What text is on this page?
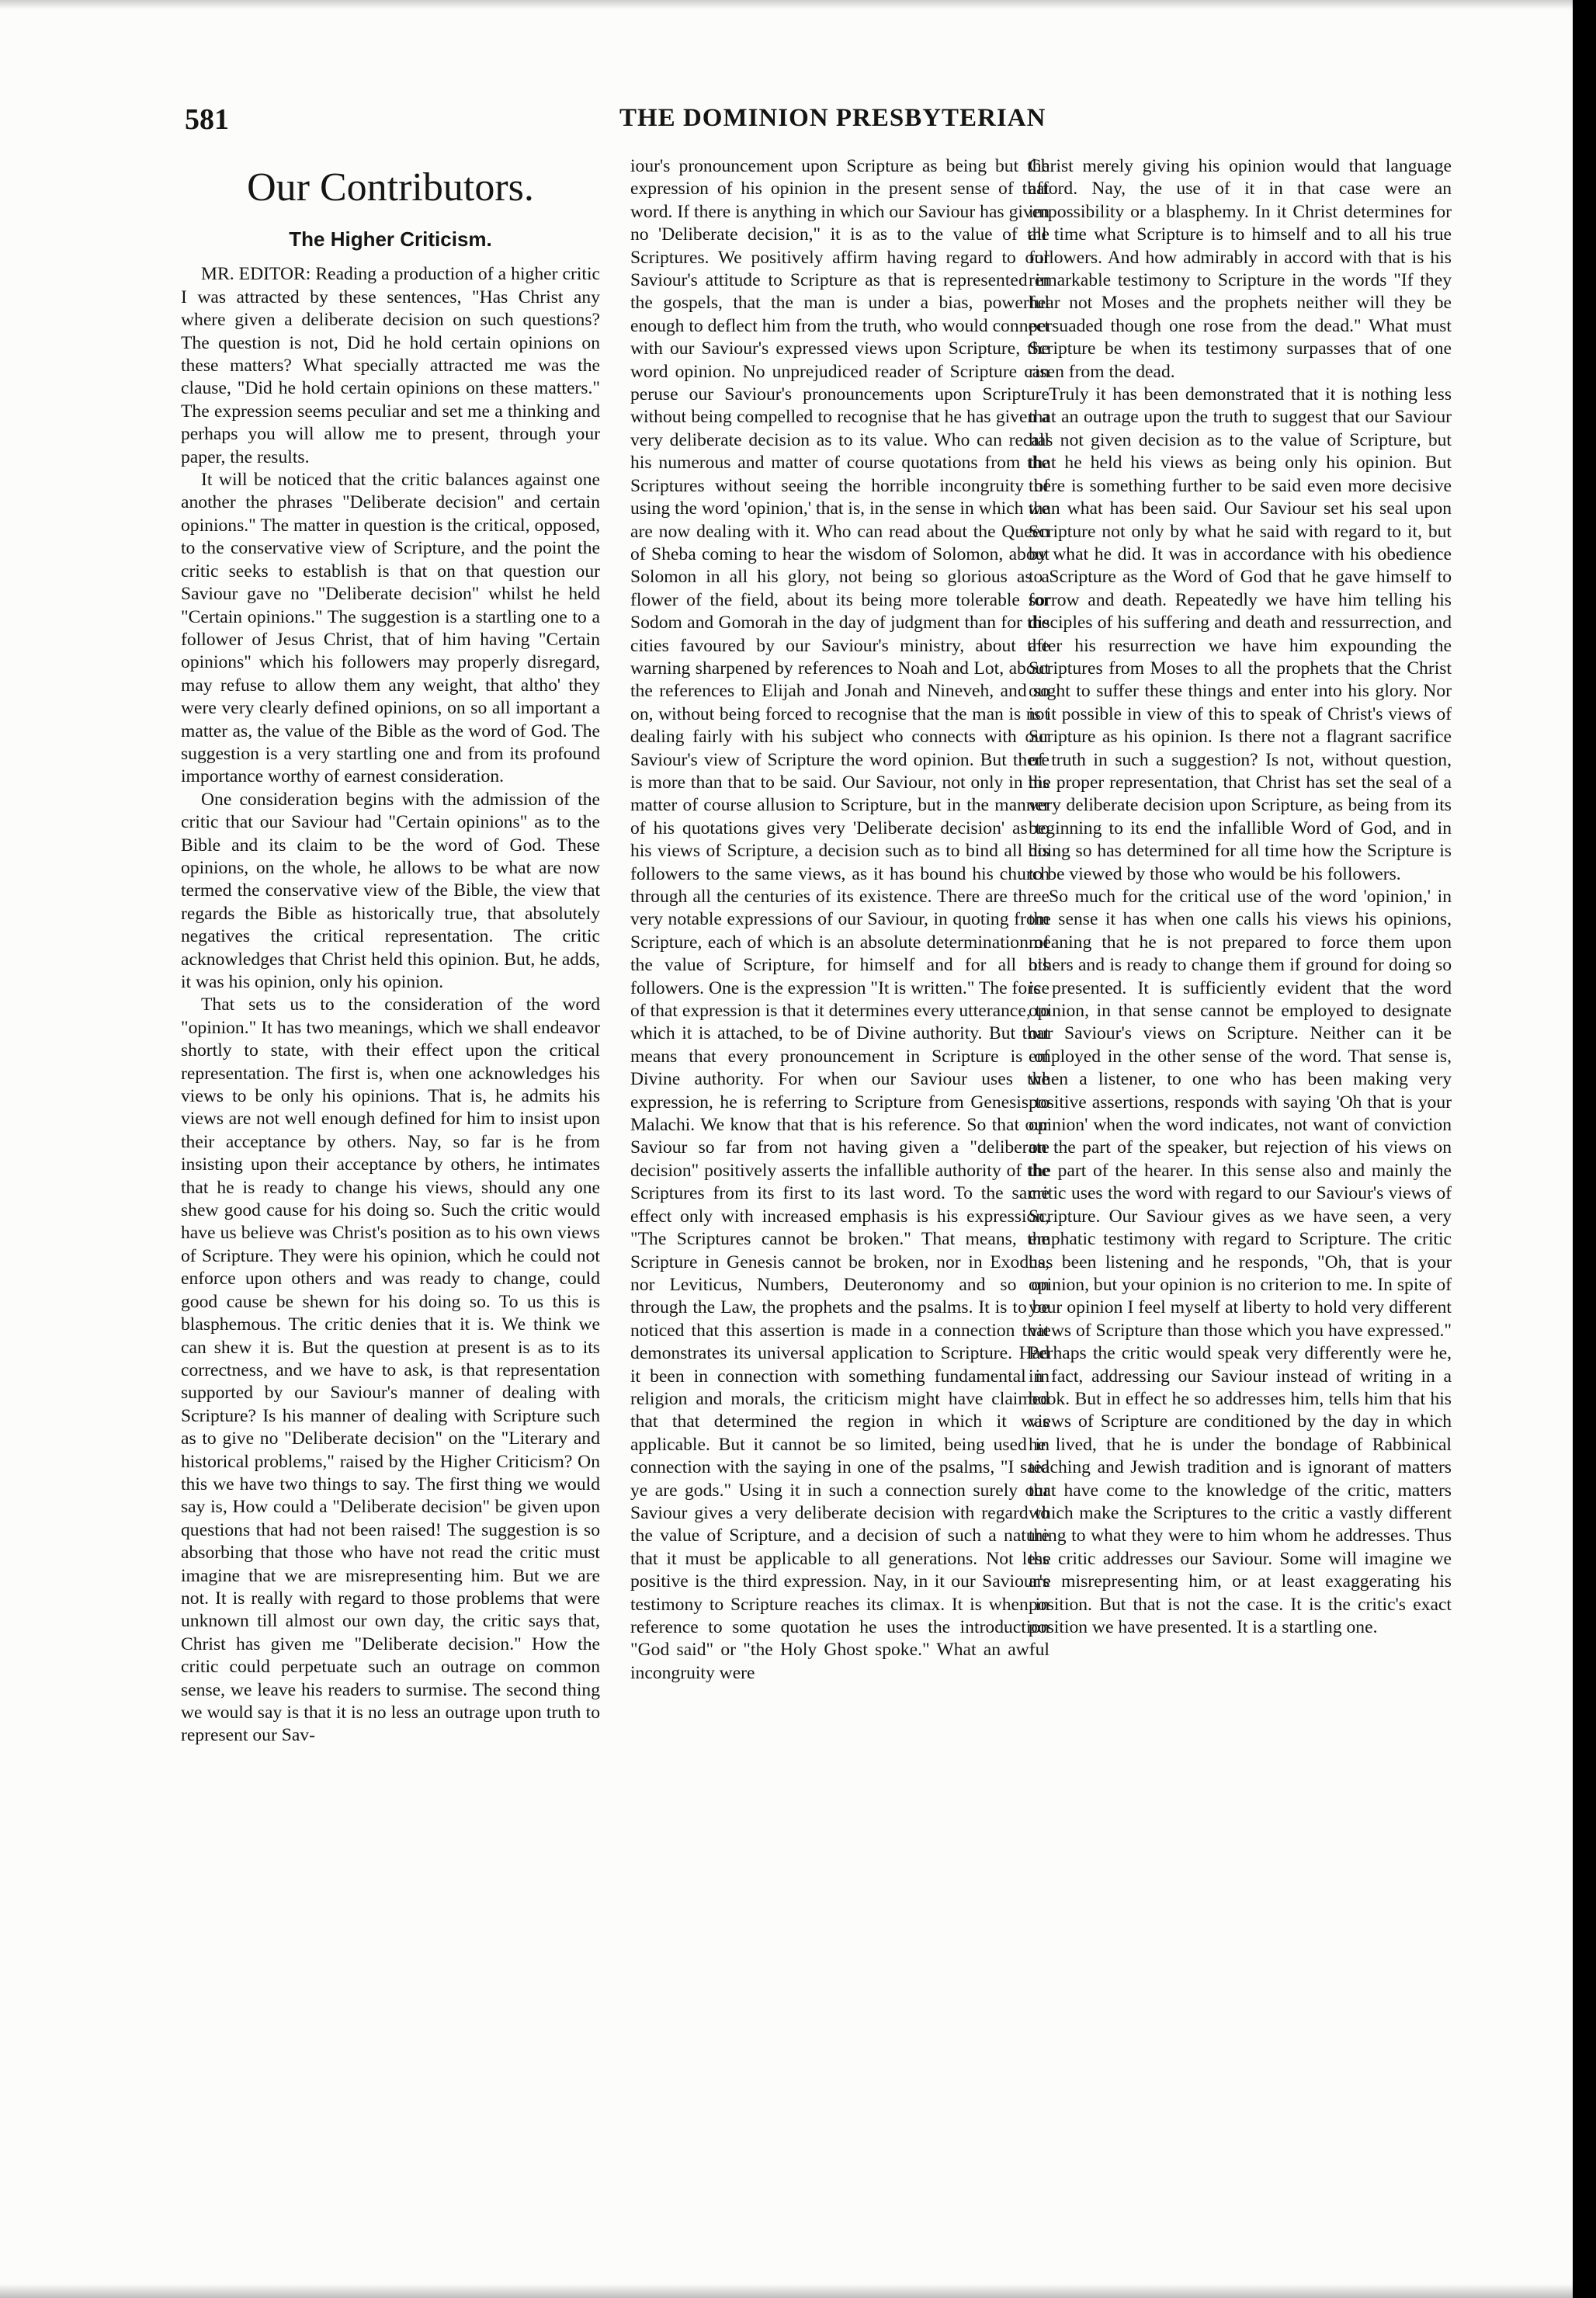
581	THE DOMINION PRESBYTERIAN
Our Contributors.
The Higher Criticism.

MR. EDITOR: Reading a production of a higher critic I was attracted by these sentences, "Has Christ any where given a deliberate decision on such questions? The question is not, Did he hold certain opinions on these matters? What specially attracted me was the clause, "Did he hold certain opinions on these matters." The expression seems peculiar and set me a thinking and perhaps you will allow me to present, through your paper, the results.

It will be noticed that the critic balances against one another the phrases "Deliberate decision" and certain opinions." The matter in question is the critical, opposed, to the conservative view of Scripture, and the point the critic seeks to establish is that on that question our Saviour gave no "Deliberate decision" whilst he held "Certain opinions." The suggestion is a startling one to a follower of Jesus Christ, that of him having "Certain opinions" which his followers may properly disregard, may refuse to allow them any weight, that altho' they were very clearly defined opinions, on so all important a matter as, the value of the Bible as the word of God. The suggestion is a very startling one and from its profound importance worthy of earnest consideration.

One consideration begins with the admission of the critic that our Saviour had "Certain opinions" as to the Bible and its claim to be the word of God. These opinions, on the whole, he allows to be what are now termed the conservative view of the Bible, the view that regards the Bible as historically true, that absolutely negatives the critical representation. The critic acknowledges that Christ held this opinion. But, he adds, it was his opinion, only his opinion.

That sets us to the consideration of the word "opinion." It has two meanings, which we shall endeavor shortly to state, with their effect upon the critical representation. The first is, when one acknowledges his views to be only his opinions. That is, he admits his views are not well enough defined for him to insist upon their acceptance by others. Nay, so far is he from insisting upon their acceptance by others, he intimates that he is ready to change his views, should any one shew good cause for his doing so. Such the critic would have us believe was Christ's position as to his own views of Scripture. They were his opinion, which he could not enforce upon others and was ready to change, could good cause be shewn for his doing so. To us this is blasphemous. The critic denies that it is. We think we can shew it is. But the question at present is as to its correctness, and we have to ask, is that representation supported by our Saviour's manner of dealing with Scripture? Is his manner of dealing with Scripture such as to give no "Deliberate decision" on the "Literary and historical problems," raised by the Higher Criticism? On this we have two things to say. The first thing we would say is, How could a "Deliberate decision" be given upon questions that had not been raised! The suggestion is so absorbing that those who have not read the critic must imagine that we are misrepresenting him. But we are not. It is really with regard to those problems that were unknown till almost our own day, the critic says that, Christ has given me "Deliberate decision." How the critic could perpetuate such an outrage on common sense, we leave his readers to surmise. The second thing we would say is that it is no less an outrage upon truth to represent our Sav-

iour's pronouncement upon Scripture as being but the expression of his opinion in the present sense of that word. If there is anything in which our Saviour has given no 'Deliberate decision," it is as to the value of the Scriptures. We positively affirm having regard to our Saviour's attitude to Scripture as that is represented in the gospels, that the man is under a bias, powerful enough to deflect him from the truth, who would connect with our Saviour's expressed views upon Scripture, the word opinion. No unprejudiced reader of Scripture can peruse our Saviour's pronouncements upon Scripture without being compelled to recognise that he has given a very deliberate decision as to its value. Who can recall his numerous and matter of course quotations from the Scriptures without seeing the horrible incongruity of using the word 'opinion,' that is, in the sense in which we are now dealing with it. Who can read about the Queen of Sheba coming to hear the wisdom of Solomon, about Solomon in all his glory, not being so glorious as a flower of the field, about its being more tolerable for Sodom and Gomorah in the day of judgment than for the cities favoured by our Saviour's ministry, about the warning sharpened by references to Noah and Lot, about the references to Elijah and Jonah and Nineveh, and so on, without being forced to recognise that the man is not dealing fairly with his subject who connects with our Saviour's view of Scripture the word opinion. But there is more than that to be said. Our Saviour, not only in his matter of course allusion to Scripture, but in the manner of his quotations gives very 'Deliberate decision' as to his views of Scripture, a decision such as to bind all his followers to the same views, as it has bound his church through all the centuries of its existence. There are three very notable expressions of our Saviour, in quoting from Scripture, each of which is an absolute determination of the value of Scripture, for himself and for all his followers. One is the expression "It is written." The force of that expression is that it determines every utterance, to which it is attached, to be of Divine authority. But that means that every pronouncement in Scripture is of Divine authority. For when our Saviour uses the expression, he is referring to Scripture from Genesis to Malachi. We know that that is his reference. So that our Saviour so far from not having given a "deliberate decision" positively asserts the infallible authority of the Scriptures from its first to its last word. To the same effect only with increased emphasis is his expression, "The Scriptures cannot be broken." That means, the Scripture in Genesis cannot be broken, nor in Exodus, nor Leviticus, Numbers, Deuteronomy and so on through the Law, the prophets and the psalms. It is to be noticed that this assertion is made in a connection that demonstrates its universal application to Scripture. Had it been in connection with something fundamental in religion and morals, the criticism might have claimed that that determined the region in which it was applicable. But it cannot be so limited, being used in connection with the saying in one of the psalms, "I said ye are gods." Using it in such a connection surely our Saviour gives a very deliberate decision with regard to the value of Scripture, and a decision of such a nature that it must be applicable to all generations. Not less positive is the third expression. Nay, in it our Saviour's testimony to Scripture reaches its climax. It is when in reference to some quotation he uses the introduction "God said" or "the Holy Ghost spoke." What an awful incongruity were

Christ merely giving his opinion would that language afford. Nay, the use of it in that case were an impossibility or a blasphemy. In it Christ determines for all time what Scripture is to himself and to all his true followers. And how admirably in accord with that is his remarkable testimony to Scripture in the words "If they hear not Moses and the prophets neither will they be persuaded though one rose from the dead." What must Scripture be when its testimony surpasses that of one risen from the dead.

Truly it has been demonstrated that it is nothing less that an outrage upon the truth to suggest that our Saviour has not given decision as to the value of Scripture, but that he held his views as being only his opinion. But there is something further to be said even more decisive than what has been said. Our Saviour set his seal upon Scripture not only by what he said with regard to it, but by what he did. It was in accordance with his obedience to Scripture as the Word of God that he gave himself to sorrow and death. Repeatedly we have him telling his disciples of his suffering and death and ressurrection, and after his resurrection we have him expounding the Scriptures from Moses to all the prophets that the Christ ought to suffer these things and enter into his glory. Nor is it possible in view of this to speak of Christ's views of Scripture as his opinion. Is there not a flagrant sacrifice of truth in such a suggestion? Is not, without question, the proper representation, that Christ has set the seal of a very deliberate decision upon Scripture, as being from its beginning to its end the infallible Word of God, and in doing so has determined for all time how the Scripture is to be viewed by those who would be his followers.

So much for the critical use of the word 'opinion,' in the sense it has when one calls his views his opinions, meaning that he is not prepared to force them upon others and is ready to change them if ground for doing so is presented. It is sufficiently evident that the word opinion, in that sense cannot be employed to designate our Saviour's views on Scripture. Neither can it be employed in the other sense of the word. That sense is, when a listener, to one who has been making very positive assertions, responds with saying 'Oh that is your opinion' when the word indicates, not want of conviction on the part of the speaker, but rejection of his views on the part of the hearer. In this sense also and mainly the critic uses the word with regard to our Saviour's views of Scripture. Our Saviour gives as we have seen, a very emphatic testimony with regard to Scripture. The critic has been listening and he responds, "Oh, that is your opinion, but your opinion is no criterion to me. In spite of your opinion I feel myself at liberty to hold very different views of Scripture than those which you have expressed." Perhaps the critic would speak very differently were he, in fact, addressing our Saviour instead of writing in a book. But in effect he so addresses him, tells him that his views of Scripture are conditioned by the day in which he lived, that he is under the bondage of Rabbinical teaching and Jewish tradition and is ignorant of matters that have come to the knowledge of the critic, matters which make the Scriptures to the critic a vastly different thing to what they were to him whom he addresses. Thus the critic addresses our Saviour. Some will imagine we are misrepresenting him, or at least exaggerating his position. But that is not the case. It is the critic's exact position we have presented. It is a startling one.
